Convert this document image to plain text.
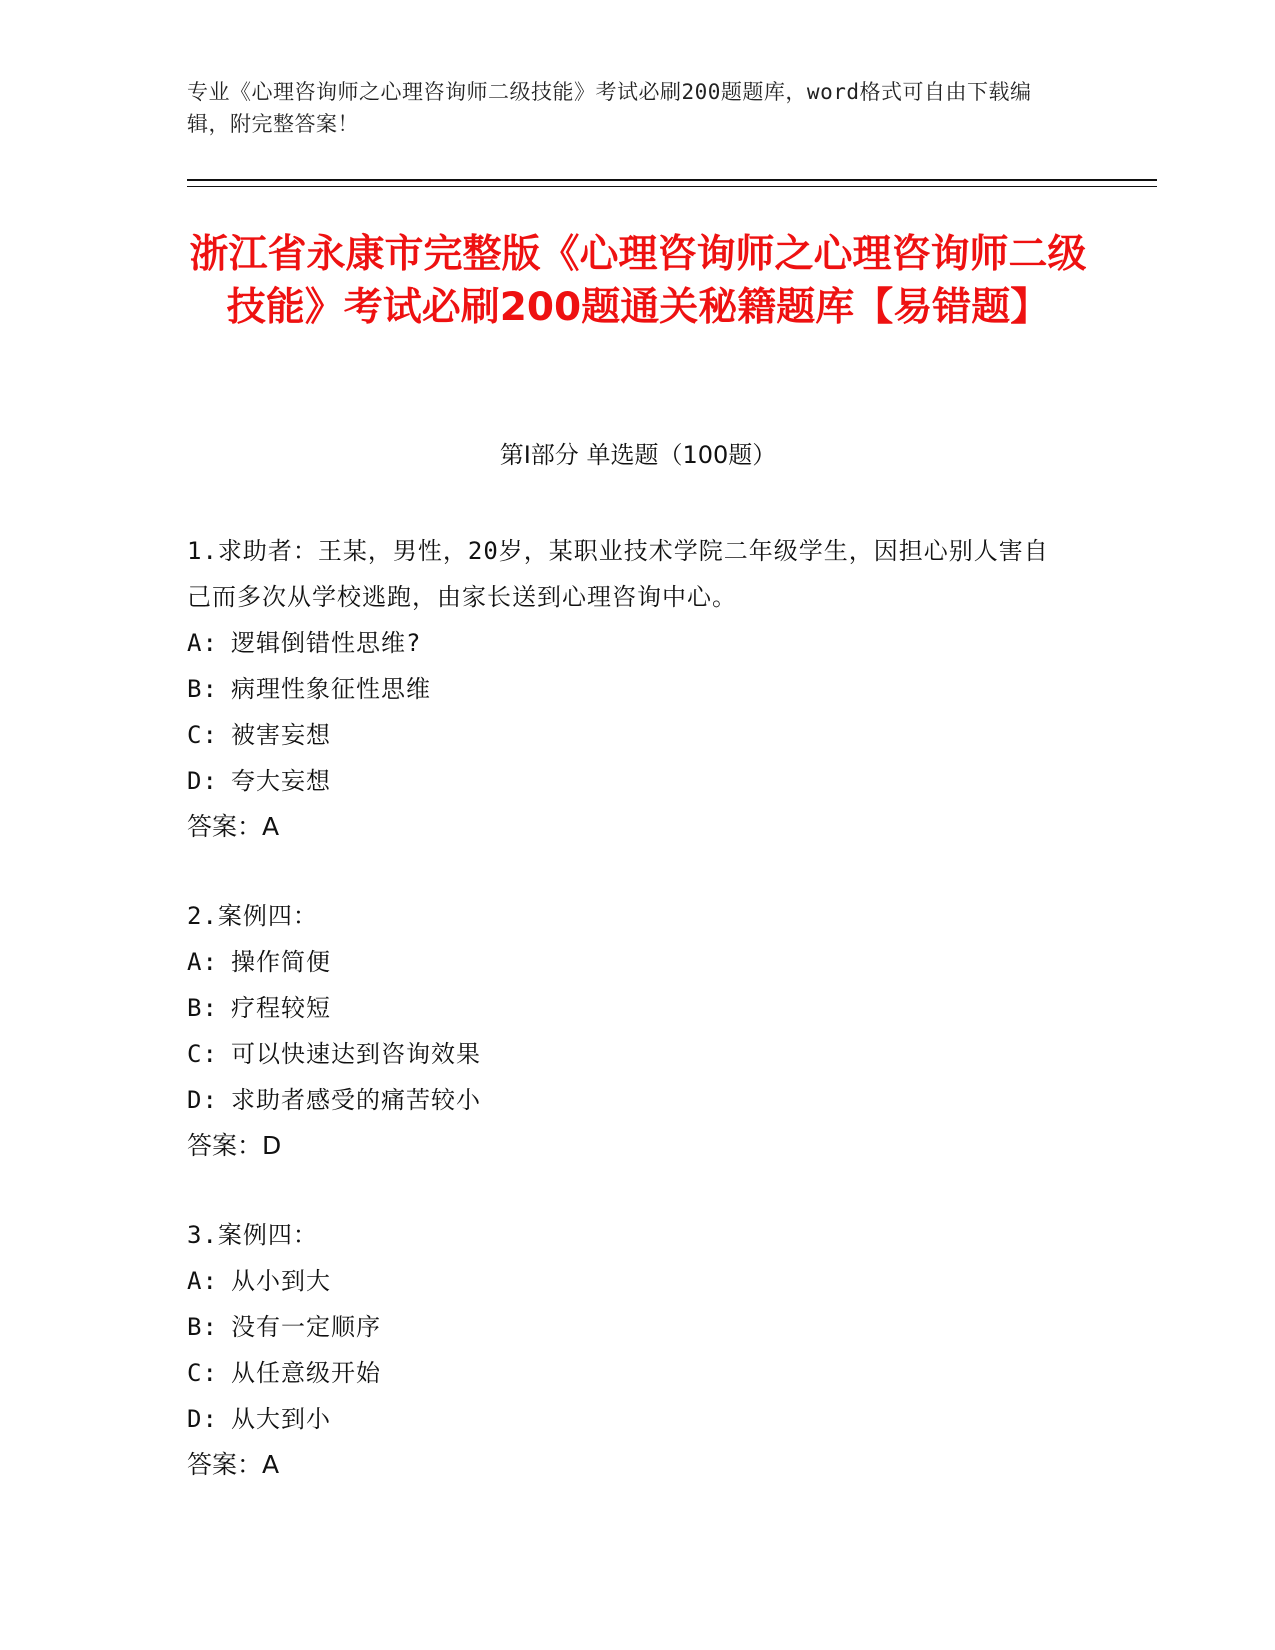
专业《心理咨询师之心理咨询师二级技能》考试必刷200题题库，word格式可自由下载编辑，附完整答案！
浙江省永康市完整版《心理咨询师之心理咨询师二级技能》考试必刷200题通关秘籍题库【易错题】
第Ⅰ部分 单选题（100题）
1.求助者：王某，男性，20岁，某职业技术学院二年级学生，因担心别人害自己而多次从学校逃跑，由家长送到心理咨询中心。
A: 逻辑倒错性思维?
B: 病理性象征性思维
C: 被害妄想
D: 夸大妄想
答案：A
2.案例四：
A: 操作简便
B: 疗程较短
C: 可以快速达到咨询效果
D: 求助者感受的痛苦较小
答案：D
3.案例四：
A: 从小到大
B: 没有一定顺序
C: 从任意级开始
D: 从大到小
答案：A
